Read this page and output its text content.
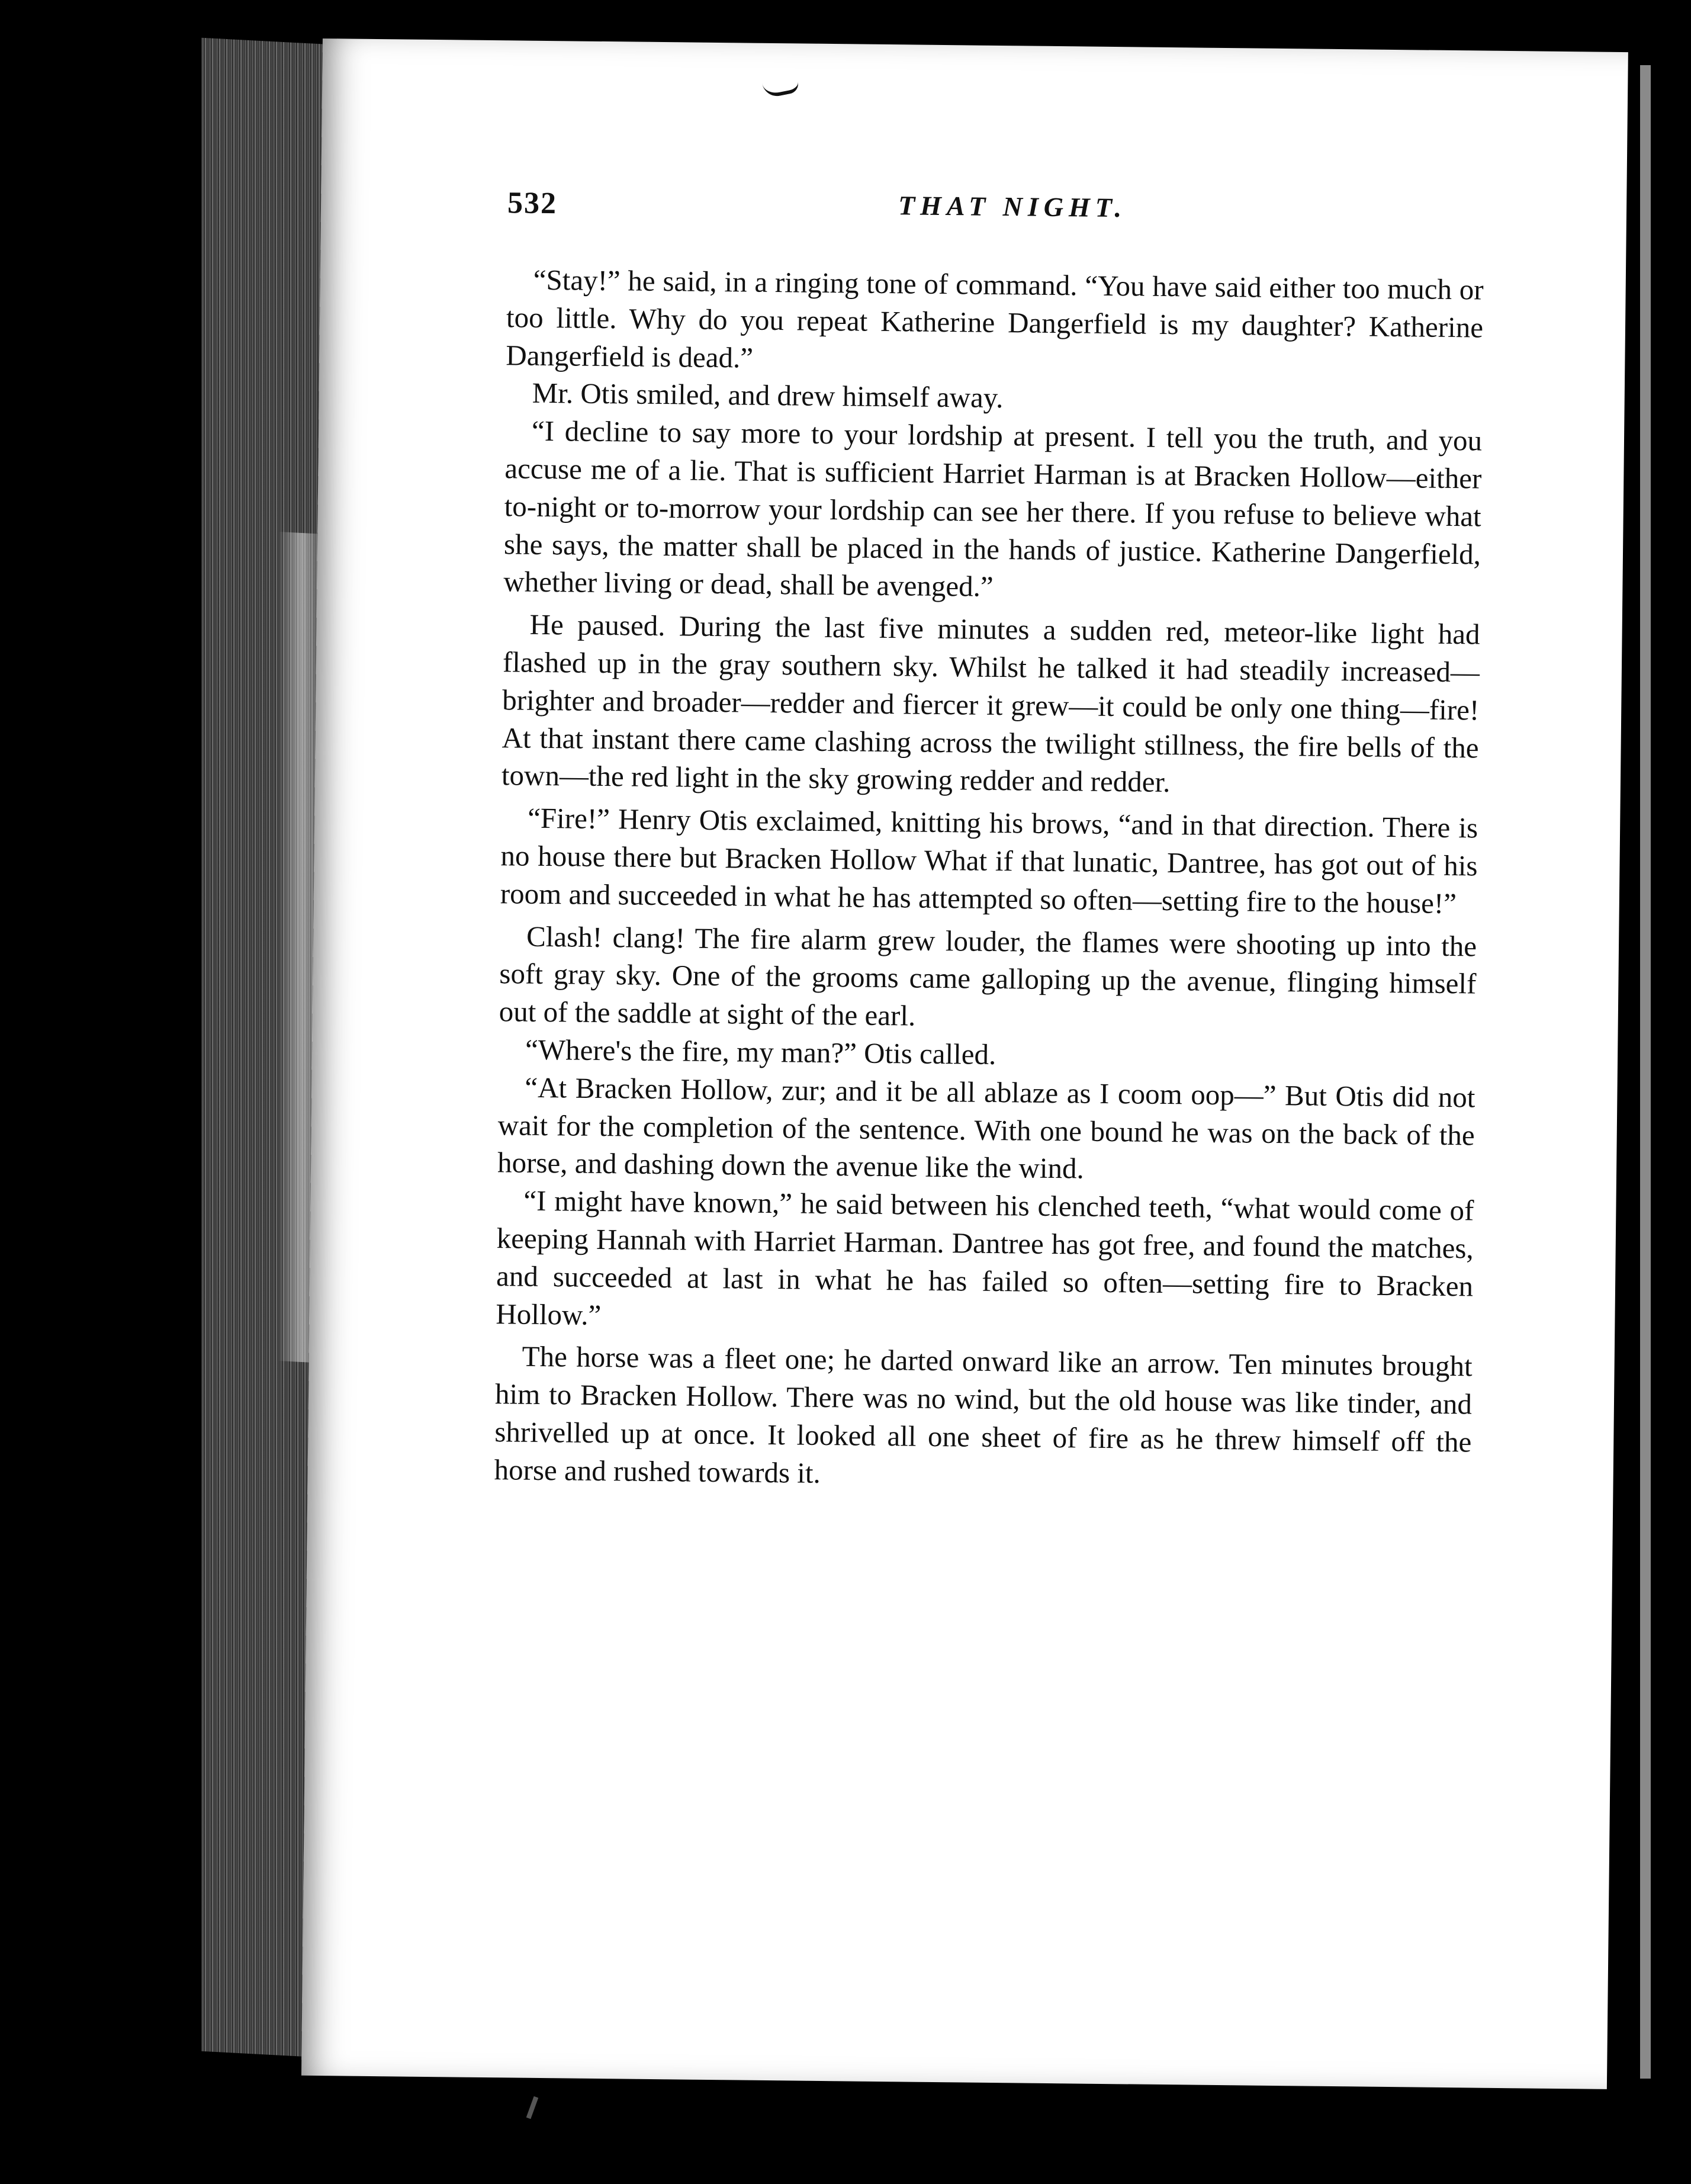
532	THAT NIGHT.

“Stay!” he said, in a ringing tone of command. “You have said either too much or too little. Why do you repeat Katherine Dangerfield is my daughter? Katherine Dangerfield is dead.”

Mr. Otis smiled, and drew himself away.

“I decline to say more to your lordship at present. I tell you the truth, and you accuse me of a lie. That is sufficient Harriet Harman is at Bracken Hollow—either to-night or to-morrow your lordship can see her there. If you refuse to believe what she says, the matter shall be placed in the hands of justice. Katherine Dangerfield, whether living or dead, shall be avenged.”

He paused. During the last five minutes a sudden red, meteor-like light had flashed up in the gray southern sky. Whilst he talked it had steadily increased—brighter and broader—redder and fiercer it grew—it could be only one thing—fire! At that instant there came clashing across the twilight stillness, the fire bells of the town—the red light in the sky growing redder and redder.

“Fire!” Henry Otis exclaimed, knitting his brows, “and in that direction. There is no house there but Bracken Hollow What if that lunatic, Dantree, has got out of his room and succeeded in what he has attempted so often—setting fire to the house!”

Clash! clang! The fire alarm grew louder, the flames were shooting up into the soft gray sky. One of the grooms came galloping up the avenue, flinging himself out of the saddle at sight of the earl.

“Where's the fire, my man?” Otis called.

“At Bracken Hollow, zur; and it be all ablaze as I coom oop—” But Otis did not wait for the completion of the sentence. With one bound he was on the back of the horse, and dashing down the avenue like the wind.

“I might have known,” he said between his clenched teeth, “what would come of keeping Hannah with Harriet Harman. Dantree has got free, and found the matches, and succeeded at last in what he has failed so often—setting fire to Bracken Hollow.”

The horse was a fleet one; he darted onward like an arrow. Ten minutes brought him to Bracken Hollow. There was no wind, but the old house was like tinder, and shrivelled up at once. It looked all one sheet of fire as he threw himself off the horse and rushed towards it.
